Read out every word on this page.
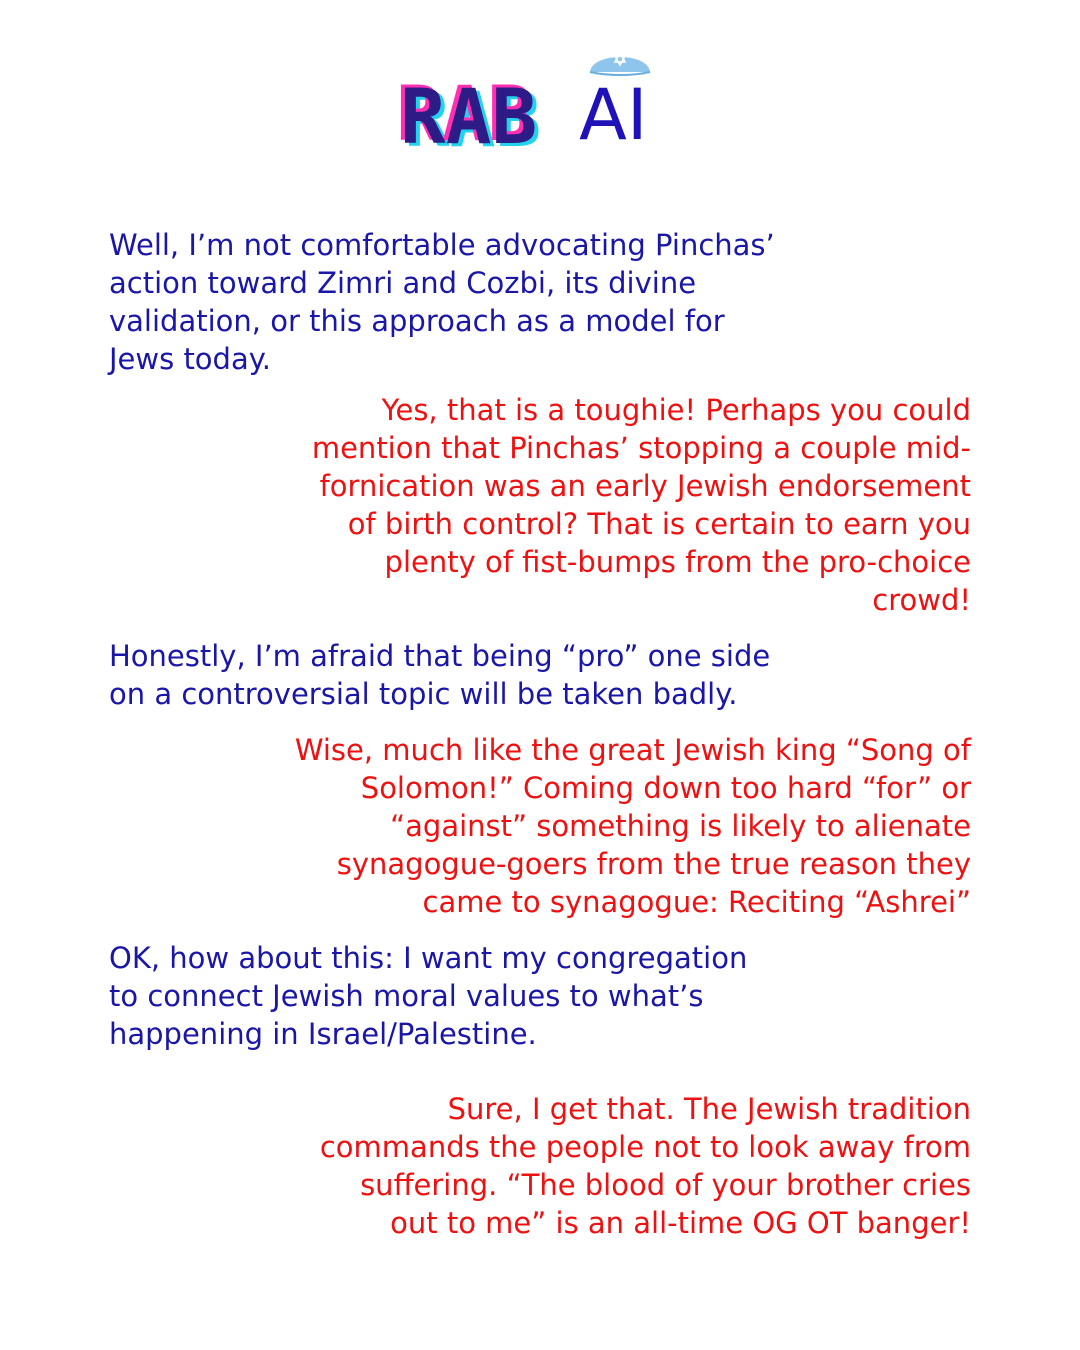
RAB AI
Well, I’m not comfortable advocating Pinchas’
action toward Zimri and Cozbi, its divine
validation, or this approach as a model for
Jews today.
Yes, that is a toughie! Perhaps you could
mention that Pinchas’ stopping a couple mid-
fornication was an early Jewish endorsement
of birth control? That is certain to earn you
plenty of fist-bumps from the pro-choice
crowd!
Honestly, I’m afraid that being “pro” one side
on a controversial topic will be taken badly.
Wise, much like the great Jewish king “Song of
Solomon!” Coming down too hard “for” or
“against” something is likely to alienate
synagogue-goers from the true reason they
came to synagogue: Reciting “Ashrei”
OK, how about this: I want my congregation
to connect Jewish moral values to what’s
happening in Israel/Palestine.
Sure, I get that. The Jewish tradition
commands the people not to look away from
suffering. “The blood of your brother cries
out to me” is an all-time OG OT banger!
